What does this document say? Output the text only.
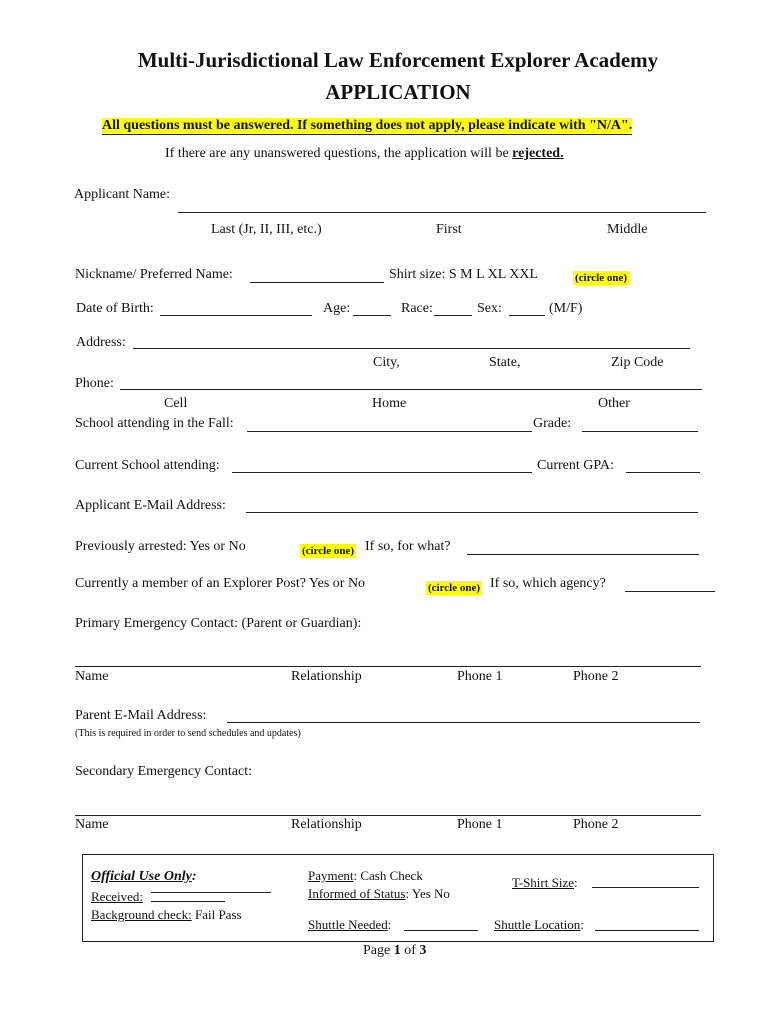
Multi-Jurisdictional Law Enforcement Explorer Academy
APPLICATION
All questions must be answered. If something does not apply, please indicate with "N/A".
If there are any unanswered questions, the application will be rejected.
Applicant Name:
Last (Jr, II, III, etc.)	First	Middle
Nickname/ Preferred Name:	Shirt size: S M L XL XXL	(circle one)
Date of Birth:	Age:	Race:	Sex:	(M/F)
Address:
City,	State,	Zip Code
Phone:
Cell	Home	Other
School attending in the Fall:	Grade:
Current School attending:	Current GPA:
Applicant E-Mail Address:
Previously arrested: Yes or No	(circle one) If so, for what?
Currently a member of an Explorer Post? Yes or No	(circle one) If so, which agency?
Primary Emergency Contact: (Parent or Guardian):
Name	Relationship	Phone 1	Phone 2
Parent E-Mail Address:
(This is required in order to send schedules and updates)
Secondary Emergency Contact:
Name	Relationship	Phone 1	Phone 2
Official Use Only:
Received:
Background check: Fail Pass
Payment: Cash Check
Informed of Status: Yes No
Shuttle Needed:
T-Shirt Size:
Shuttle Location:
Page 1 of 3
